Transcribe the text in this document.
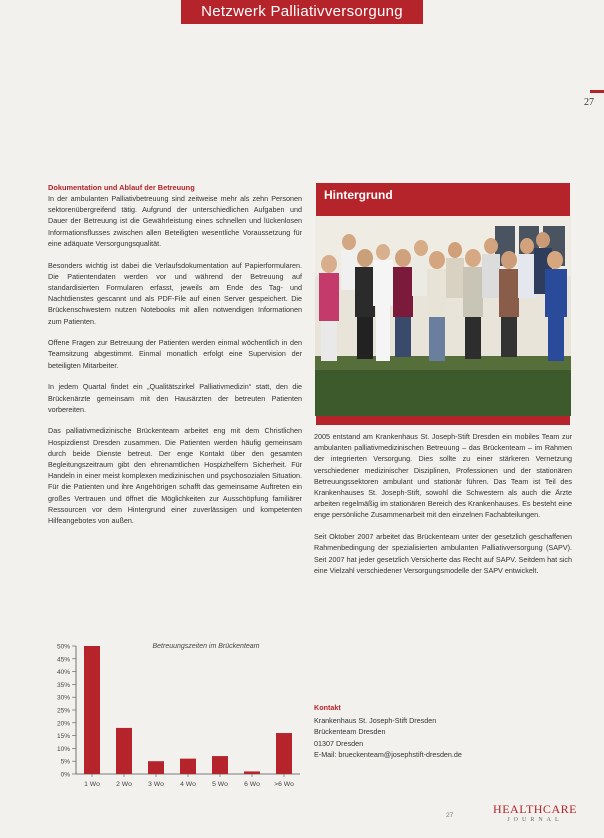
Netzwerk Palliativversorgung
27
Dokumentation und Ablauf der Betreuung

In der ambulanten Palliativbetreuung sind zeitweise mehr als zehn Personen sektorenübergreifend tätig. Aufgrund der unterschiedlichen Aufgaben und Dauer der Betreuung ist die Gewährleistung eines schnellen und lückenlosen Informationsflusses zwischen allen Beteiligten wesentliche Voraussetzung für eine adäquate Versorgungsqualität.

Besonders wichtig ist dabei die Verlaufsdokumentation auf Papierformularen. Die Patientendaten werden vor und während der Betreuung auf standardisierten Formularen erfasst, jeweils am Ende des Tag- und Nachtdienstes gescannt und als PDF-File auf einen Server gespeichert. Die Brückenschwestern nutzen Notebooks mit allen notwendigen Informationen zum Patienten.

Offene Fragen zur Betreuung der Patienten werden einmal wöchentlich in den Teamsitzung abgestimmt. Einmal monatlich erfolgt eine Supervision der beteiligten Mitarbeiter.

In jedem Quartal findet ein „Qualitätszirkel Palliativmedizin“ statt, den die Brückenärzte gemeinsam mit den Hausärzten der betreuten Patienten vorbereiten.

Das palliativmedizinische Brückenteam arbeitet eng mit dem Christlichen Hospizdienst Dresden zusammen. Die Patienten werden häufig gemeinsam durch beide Dienste betreut. Der enge Kontakt über den gesamten Begleitungszeitraum gibt den ehrenamtlichen Hospizhelfern Sicherheit. Für Handeln in einer meist komplexen medizinischen und psychosozialen Situation. Für die Patienten und ihre Angehörigen schafft das gemeinsame Auftreten ein großes Vertrauen und öffnet die Möglichkeiten zur Ausschöpfung familiärer Ressourcen vor dem Hintergrund einer zuverlässigen und kompetenten Hilfeangebotes von außen.

Hintergrund

2005 entstand am Krankenhaus St. Joseph-Stift Dresden ein mobiles Team zur ambulanten palliativmedizinischen Betreuung – das Brückenteam – im Rahmen der integrierten Versorgung. Dies sollte zu einer stärkeren Vernetzung verschiedener medizinischer Disziplinen, Professionen und der stationären Betreuungssektoren ambulant und stationär führen. Das Team ist Teil des Krankenhauses St. Joseph-Stift, sowohl die Schwestern als auch die Ärzte arbeiten regelmäßig im stationären Bereich des Krankenhauses. Es besteht eine enge persönliche Zusammenarbeit mit den einzelnen Fachabteilungen.

Seit Oktober 2007 arbeitet das Brückenteam unter der gesetzlich geschaffenen Rahmenbedingung der spezialisierten ambulanten Palliativversorgung (SAPV). Seit 2007 hat jeder gesetzlich Versicherte das Recht auf SAPV. Seitdem hat sich eine Vielzahl verschiedener Versorgungsmodelle der SAPV entwickelt.

Kontakt
Krankenhaus St. Joseph-Stift Dresden
Brückenteam Dresden
01307 Dresden
E-Mail: brueckenteam@josephstift-dresden.de
0%
5%
10%
15%
20%
25%
30%
35%
40%
45%
50%	Betreuungszeiten im Brückenteam
1 Wo 2 Wo 3 Wo 4 Wo 5 Wo 6 Wo >6 Wo
27	HEALTHCARE
JOURNAL
